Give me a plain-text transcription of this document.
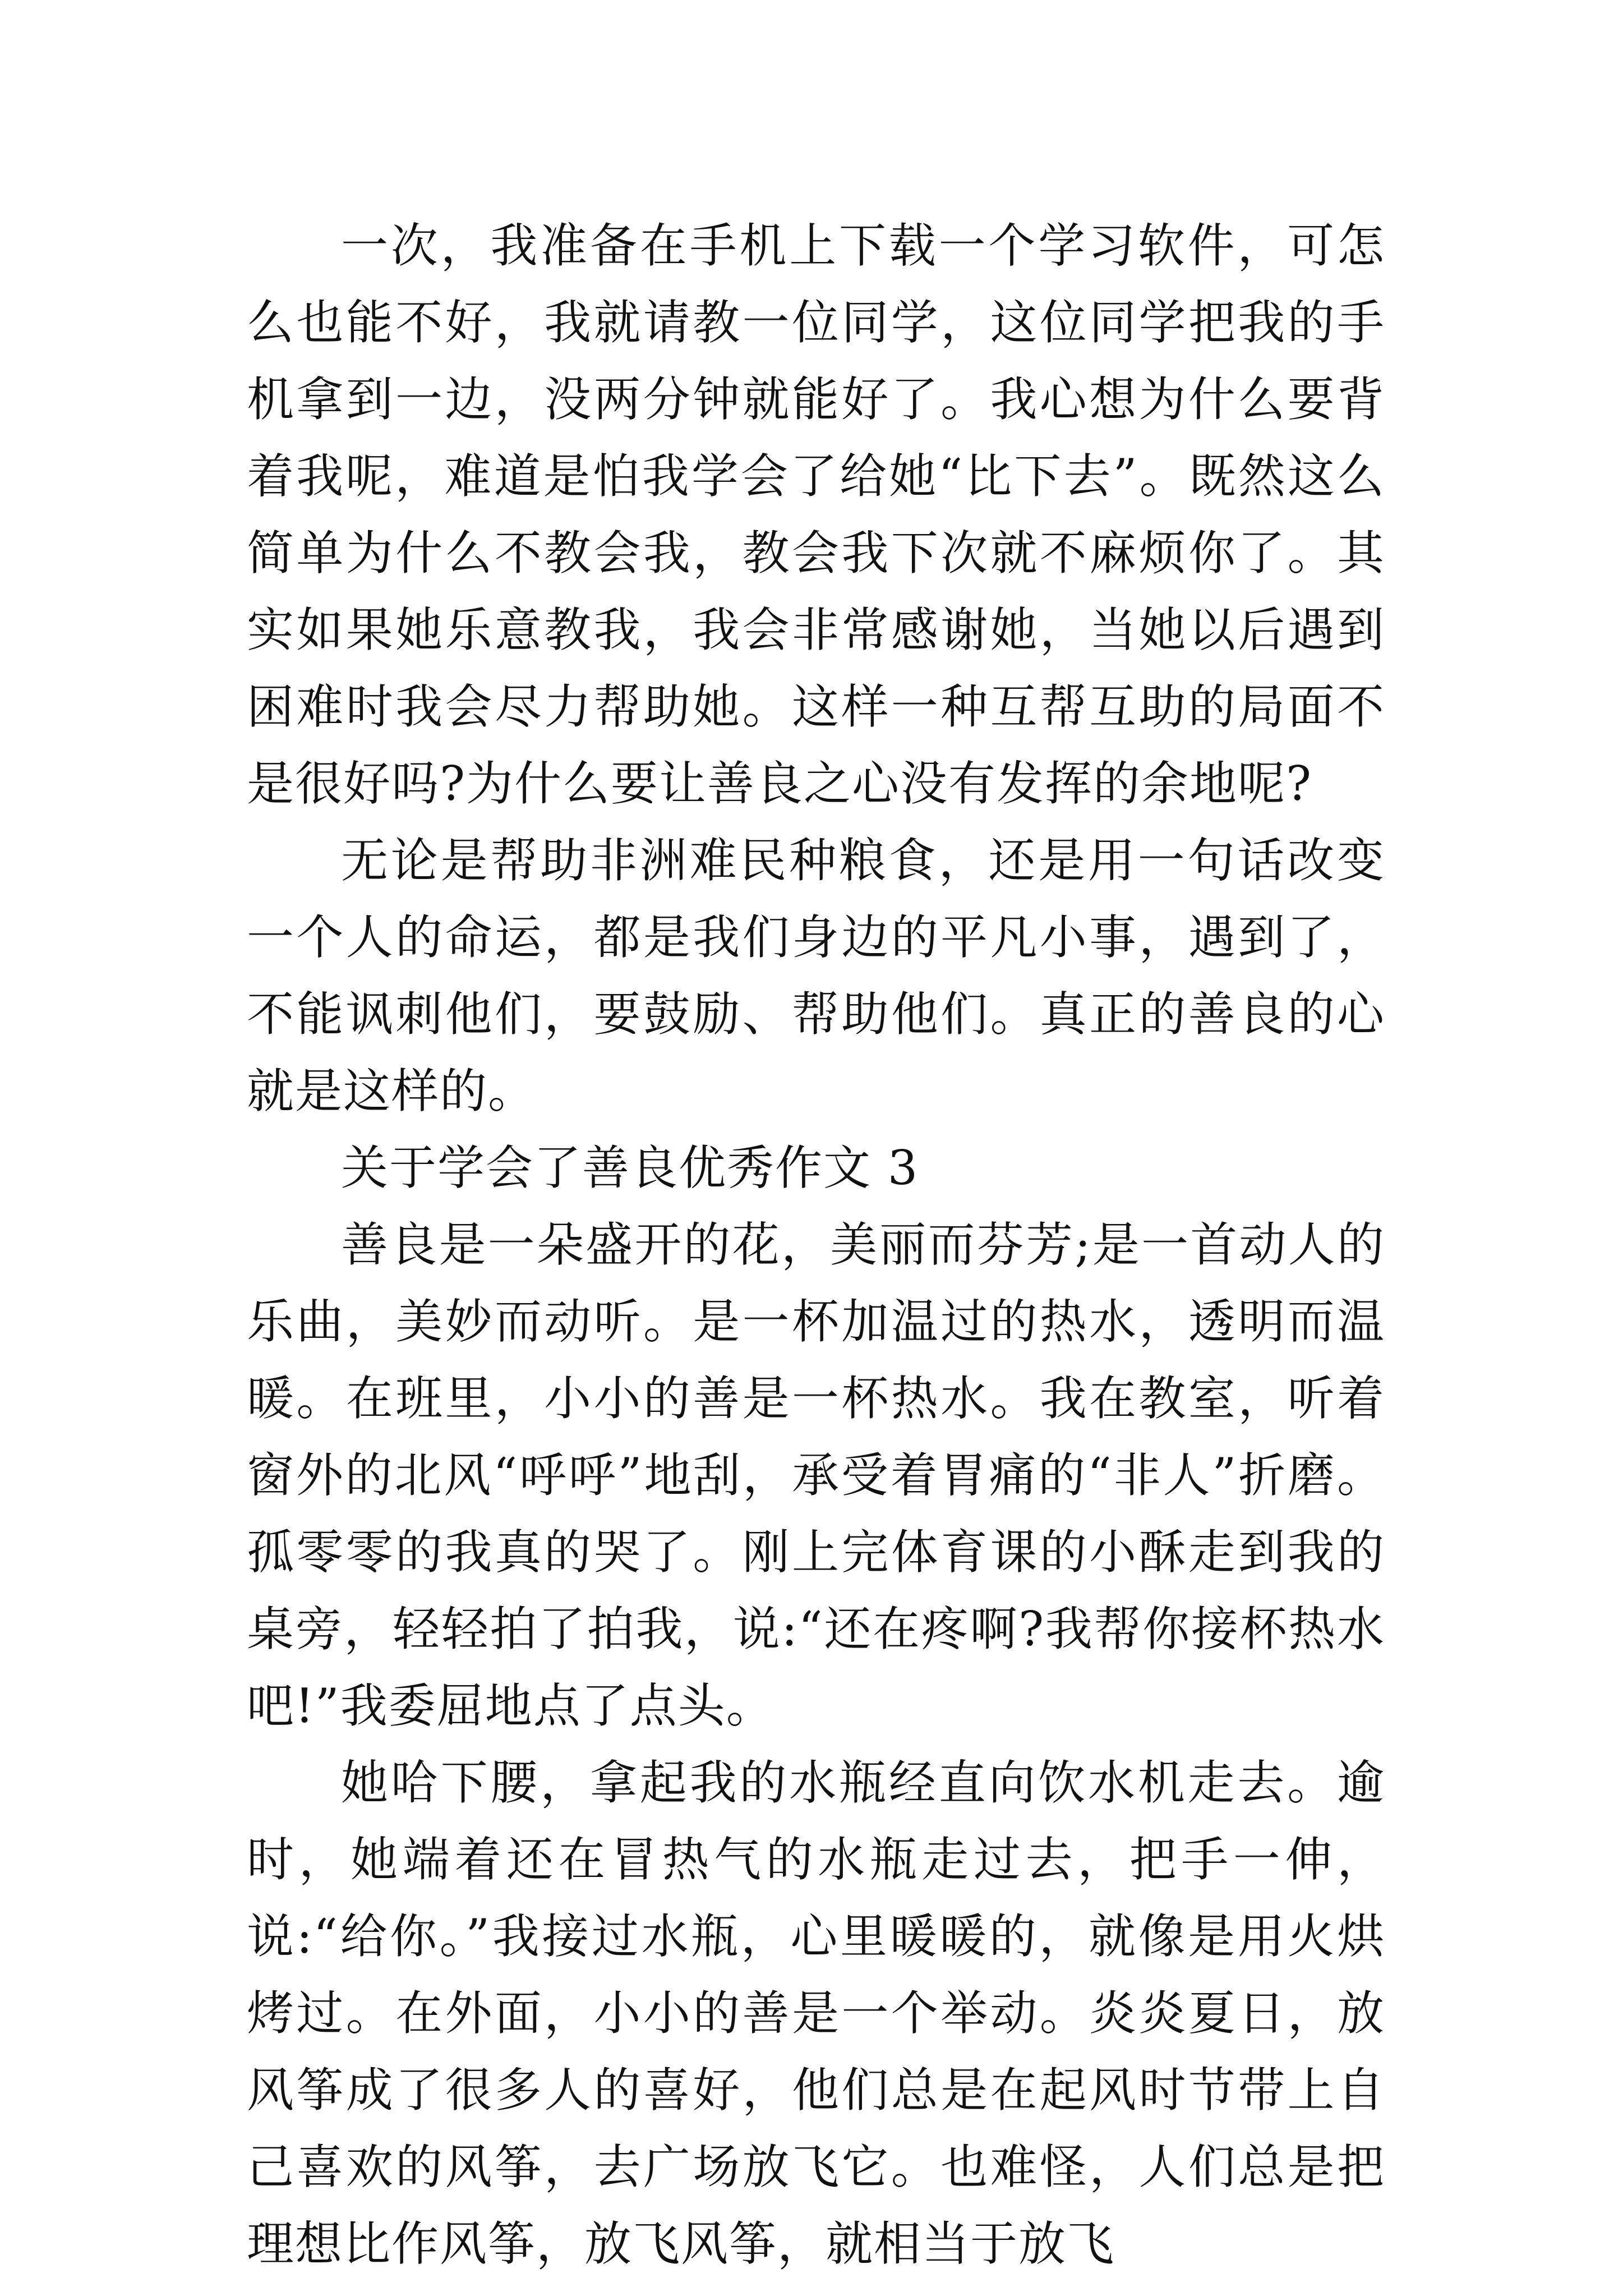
一次，我准备在手机上下载一个学习软件，可怎么也能不好，我就请教一位同学，这位同学把我的手机拿到一边，没两分钟就能好了。我心想为什么要背着我呢，难道是怕我学会了给她“比下去”。既然这么简单为什么不教会我，教会我下次就不麻烦你了。其实如果她乐意教我，我会非常感谢她，当她以后遇到困难时我会尽力帮助她。这样一种互帮互助的局面不是很好吗?为什么要让善良之心没有发挥的余地呢?

无论是帮助非洲难民种粮食，还是用一句话改变一个人的命运，都是我们身边的平凡小事，遇到了，不能讽刺他们，要鼓励、帮助他们。真正的善良的心就是这样的。

关于学会了善良优秀作文 3

善良是一朵盛开的花，美丽而芬芳;是一首动人的乐曲，美妙而动听。是一杯加温过的热水，透明而温暖。在班里，小小的善是一杯热水。我在教室，听着窗外的北风“呼呼”地刮，承受着胃痛的“非人”折磨。孤零零的我真的哭了。刚上完体育课的小酥走到我的桌旁，轻轻拍了拍我，说:“还在疼啊?我帮你接杯热水吧!”我委屈地点了点头。

她哈下腰，拿起我的水瓶经直向饮水机走去。逾时，她端着还在冒热气的水瓶走过去，把手一伸，说:“给你。”我接过水瓶，心里暖暖的，就像是用火烘烤过。在外面，小小的善是一个举动。炎炎夏日，放风筝成了很多人的喜好，他们总是在起风时节带上自己喜欢的风筝，去广场放飞它。也难怪，人们总是把理想比作风筝，放飞风筝，就相当于放飞
